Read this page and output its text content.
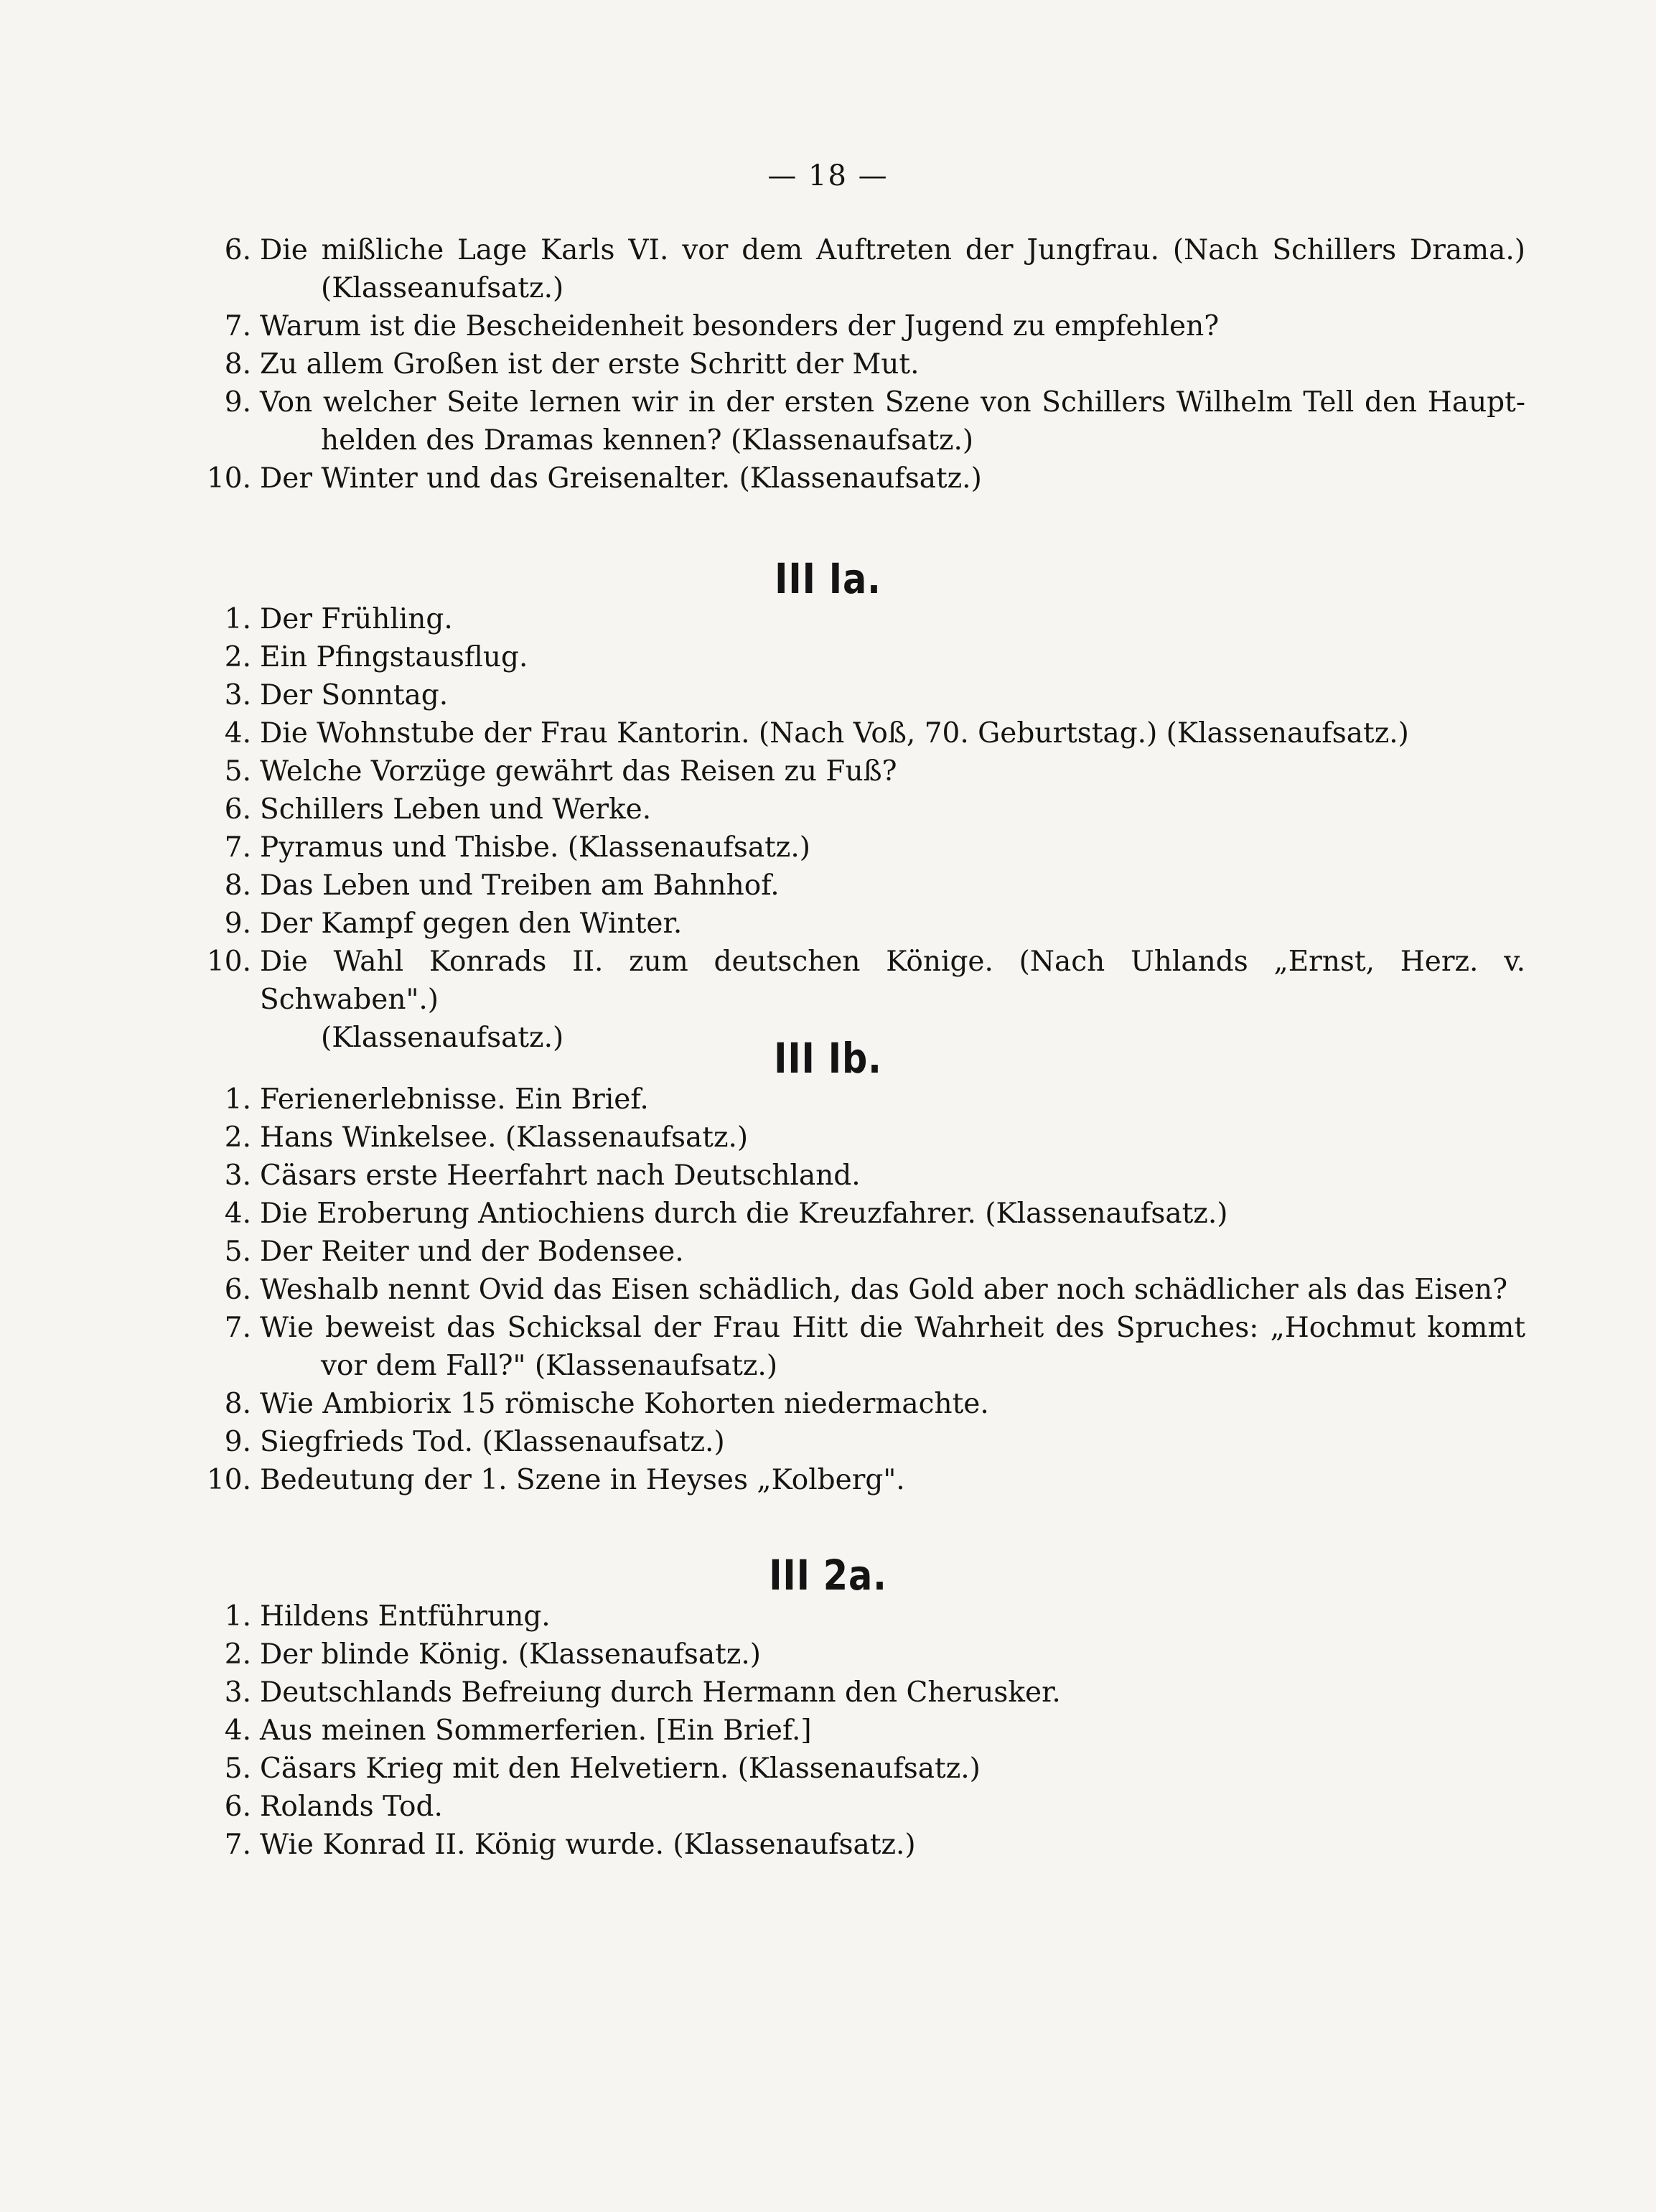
— 18 —
6. Die mißliche Lage Karls VI. vor dem Auftreten der Jungfrau. (Nach Schillers Drama.)
(Klasseanufsatz.)
7. Warum ist die Bescheidenheit besonders der Jugend zu empfehlen?
8. Zu allem Großen ist der erste Schritt der Mut.
9. Von welcher Seite lernen wir in der ersten Szene von Schillers Wilhelm Tell den Haupt-
helden des Dramas kennen? (Klassenaufsatz.)
10. Der Winter und das Greisenalter. (Klassenaufsatz.)
III Ia.
1. Der Frühling.
2. Ein Pfingstausflug.
3. Der Sonntag.
4. Die Wohnstube der Frau Kantorin. (Nach Voß, 70. Geburtstag.) (Klassenaufsatz.)
5. Welche Vorzüge gewährt das Reisen zu Fuß?
6. Schillers Leben und Werke.
7. Pyramus und Thisbe. (Klassenaufsatz.)
8. Das Leben und Treiben am Bahnhof.
9. Der Kampf gegen den Winter.
10. Die Wahl Konrads II. zum deutschen Könige. (Nach Uhlands „Ernst, Herz. v. Schwaben".)
(Klassenaufsatz.)	III Ib.
1. Ferienerlebnisse. Ein Brief.
2. Hans Winkelsee. (Klassenaufsatz.)
3. Cäsars erste Heerfahrt nach Deutschland.
4. Die Eroberung Antiochiens durch die Kreuzfahrer. (Klassenaufsatz.)
5. Der Reiter und der Bodensee.
6. Weshalb nennt Ovid das Eisen schädlich, das Gold aber noch schädlicher als das Eisen?
7. Wie beweist das Schicksal der Frau Hitt die Wahrheit des Spruches: „Hochmut kommt
vor dem Fall?" (Klassenaufsatz.)
8. Wie Ambiorix 15 römische Kohorten niedermachte.
9. Siegfrieds Tod. (Klassenaufsatz.)
10. Bedeutung der 1. Szene in Heyses „Kolberg".
III 2a.
1. Hildens Entführung.
2. Der blinde König. (Klassenaufsatz.)
3. Deutschlands Befreiung durch Hermann den Cherusker.
4. Aus meinen Sommerferien. [Ein Brief.]
5. Cäsars Krieg mit den Helvetiern. (Klassenaufsatz.)
6. Rolands Tod.
7. Wie Konrad II. König wurde. (Klassenaufsatz.)
